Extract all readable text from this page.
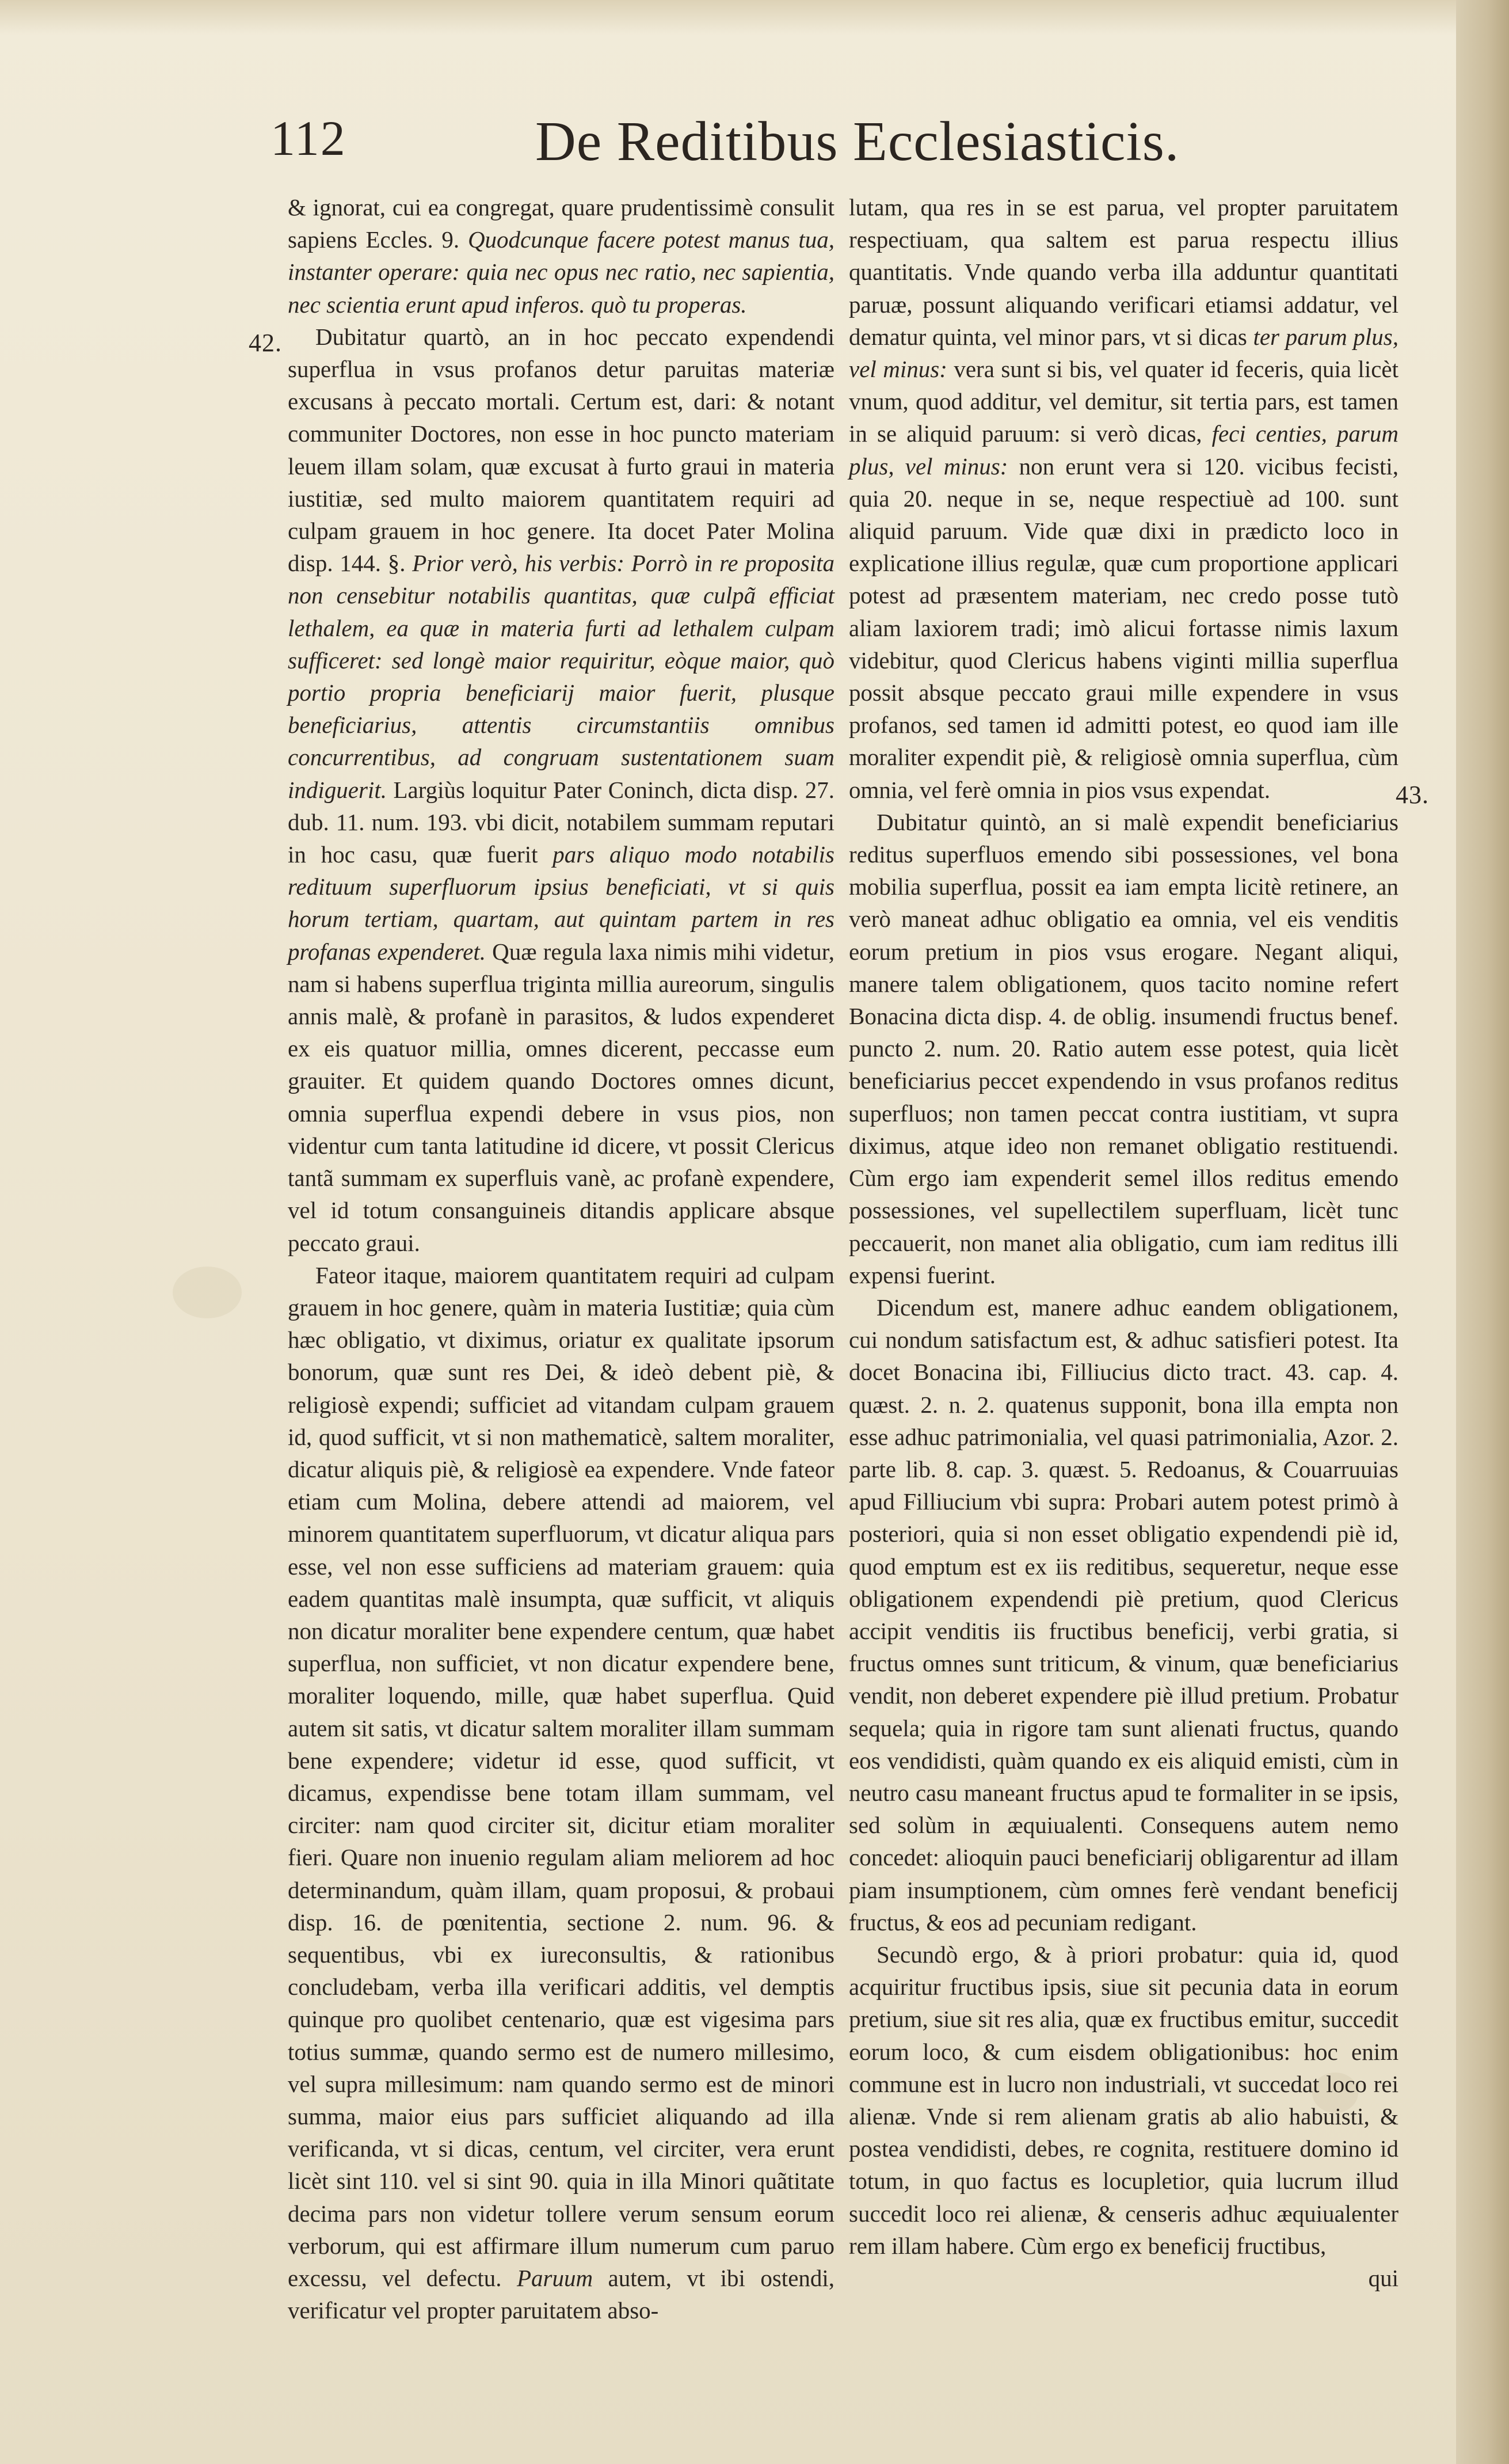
112	De Reditibus Ecclesiasticis.
42.
43.

& ignorat, cui ea congregat, quare prudentissimè consulit sapiens Eccles. 9. Quodcunque facere potest manus tua, instanter operare: quia nec opus nec ratio, nec sapientia, nec scientia erunt apud inferos. quò tu properas.

Dubitatur quartò, an in hoc peccato expendendi superflua in vsus profanos detur paruitas materiæ excusans à peccato mortali. Certum est, dari: & notant communiter Doctores, non esse in hoc puncto materiam leuem illam solam, quæ excusat à furto graui in materia iustitiæ, sed multo maiorem quantitatem requiri ad culpam grauem in hoc genere. Ita docet Pater Molina disp. 144. §. Prior verò, his verbis: Porrò in re proposita non censebitur notabilis quantitas, quæ culpã efficiat lethalem, ea quæ in materia furti ad lethalem culpam sufficeret: sed longè maior requiritur, eòque maior, quò portio propria beneficiarij maior fuerit, plusque beneficiarius, attentis circumstantiis omnibus concurrentibus, ad congruam sustentationem suam indiguerit. Largiùs loquitur Pater Coninch, dicta disp. 27. dub. 11. num. 193. vbi dicit, notabilem summam reputari in hoc casu, quæ fuerit pars aliquo modo notabilis redituum superfluorum ipsius beneficiati, vt si quis horum tertiam, quartam, aut quintam partem in res profanas expenderet. Quæ regula laxa nimis mihi videtur, nam si habens superflua triginta millia aureorum, singulis annis malè, & profanè in parasitos, & ludos expenderet ex eis quatuor millia, omnes dicerent, peccasse eum grauiter. Et quidem quando Doctores omnes dicunt, omnia superflua expendi debere in vsus pios, non videntur cum tanta latitudine id dicere, vt possit Clericus tantã summam ex superfluis vanè, ac profanè expendere, vel id totum consanguineis ditandis applicare absque peccato graui.

Fateor itaque, maiorem quantitatem requiri ad culpam grauem in hoc genere, quàm in materia Iustitiæ; quia cùm hæc obligatio, vt diximus, oriatur ex qualitate ipsorum bonorum, quæ sunt res Dei, & ideò debent piè, & religiosè expendi; sufficiet ad vitandam culpam grauem id, quod sufficit, vt si non mathematicè, saltem moraliter, dicatur aliquis piè, & religiosè ea expendere. Vnde fateor etiam cum Molina, debere attendi ad maiorem, vel minorem quantitatem superfluorum, vt dicatur aliqua pars esse, vel non esse sufficiens ad materiam grauem: quia eadem quantitas malè insumpta, quæ sufficit, vt aliquis non dicatur moraliter bene expendere centum, quæ habet superflua, non sufficiet, vt non dicatur expendere bene, moraliter loquendo, mille, quæ habet superflua. Quid autem sit satis, vt dicatur saltem moraliter illam summam bene expendere; videtur id esse, quod sufficit, vt dicamus, expendisse bene totam illam summam, vel circiter: nam quod circiter sit, dicitur etiam moraliter fieri. Quare non inuenio regulam aliam meliorem ad hoc determinandum, quàm illam, quam proposui, & probaui disp. 16. de pœnitentia, sectione 2. num. 96. & sequentibus, vbi ex iureconsultis, & rationibus concludebam, verba illa verificari additis, vel demptis quinque pro quolibet centenario, quæ est vigesima pars totius summæ, quando sermo est de numero millesimo, vel supra millesimum: nam quando sermo est de minori summa, maior eius pars sufficiet aliquando ad illa verificanda, vt si dicas, centum, vel circiter, vera erunt licèt sint 110. vel si sint 90. quia in illa Minori quãtitate decima pars non videtur tollere verum sensum eorum verborum, qui est affirmare illum numerum cum paruo excessu, vel defectu. Paruum autem, vt ibi ostendi, verificatur vel propter paruitatem abso-

lutam, qua res in se est parua, vel propter paruitatem respectiuam, qua saltem est parua respectu illius quantitatis. Vnde quando verba illa adduntur quantitati paruæ, possunt aliquando verificari etiamsi addatur, vel dematur quinta, vel minor pars, vt si dicas ter parum plus, vel minus: vera sunt si bis, vel quater id feceris, quia licèt vnum, quod additur, vel demitur, sit tertia pars, est tamen in se aliquid paruum: si verò dicas, feci centies, parum plus, vel minus: non erunt vera si 120. vicibus fecisti, quia 20. neque in se, neque respectiuè ad 100. sunt aliquid paruum. Vide quæ dixi in prædicto loco in explicatione illius regulæ, quæ cum proportione applicari potest ad præsentem materiam, nec credo posse tutò aliam laxiorem tradi; imò alicui fortasse nimis laxum videbitur, quod Clericus habens viginti millia superflua possit absque peccato graui mille expendere in vsus profanos, sed tamen id admitti potest, eo quod iam ille moraliter expendit piè, & religiosè omnia superflua, cùm omnia, vel ferè omnia in pios vsus expendat.

Dubitatur quintò, an si malè expendit beneficiarius reditus superfluos emendo sibi possessiones, vel bona mobilia superflua, possit ea iam empta licitè retinere, an verò maneat adhuc obligatio ea omnia, vel eis venditis eorum pretium in pios vsus erogare. Negant aliqui, manere talem obligationem, quos tacito nomine refert Bonacina dicta disp. 4. de oblig. insumendi fructus benef. puncto 2. num. 20. Ratio autem esse potest, quia licèt beneficiarius peccet expendendo in vsus profanos reditus superfluos; non tamen peccat contra iustitiam, vt supra diximus, atque ideo non remanet obligatio restituendi. Cùm ergo iam expenderit semel illos reditus emendo possessiones, vel supellectilem superfluam, licèt tunc peccauerit, non manet alia obligatio, cum iam reditus illi expensi fuerint.

Dicendum est, manere adhuc eandem obligationem, cui nondum satisfactum est, & adhuc satisfieri potest. Ita docet Bonacina ibi, Filliucius dicto tract. 43. cap. 4. quæst. 2. n. 2. quatenus supponit, bona illa empta non esse adhuc patrimonialia, vel quasi patrimonialia, Azor. 2. parte lib. 8. cap. 3. quæst. 5. Redoanus, & Couarruuias apud Filliucium vbi supra: Probari autem potest primò à posteriori, quia si non esset obligatio expendendi piè id, quod emptum est ex iis reditibus, sequeretur, neque esse obligationem expendendi piè pretium, quod Clericus accipit venditis iis fructibus beneficij, verbi gratia, si fructus omnes sunt triticum, & vinum, quæ beneficiarius vendit, non deberet expendere piè illud pretium. Probatur sequela; quia in rigore tam sunt alienati fructus, quando eos vendidisti, quàm quando ex eis aliquid emisti, cùm in neutro casu maneant fructus apud te formaliter in se ipsis, sed solùm in æquiualenti. Consequens autem nemo concedet: alioquin pauci beneficiarij obligarentur ad illam piam insumptionem, cùm omnes ferè vendant beneficij fructus, & eos ad pecuniam redigant.

Secundò ergo, & à priori probatur: quia id, quod acquiritur fructibus ipsis, siue sit pecunia data in eorum pretium, siue sit res alia, quæ ex fructibus emitur, succedit eorum loco, & cum eisdem obligationibus: hoc enim commune est in lucro non industriali, vt succedat loco rei alienæ. Vnde si rem alienam gratis ab alio habuisti, & postea vendidisti, debes, re cognita, restituere domino id totum, in quo factus es locupletior, quia lucrum illud succedit loco rei alienæ, & censeris adhuc æquiualenter rem illam habere. Cùm ergo ex beneficij fructibus,

qui
